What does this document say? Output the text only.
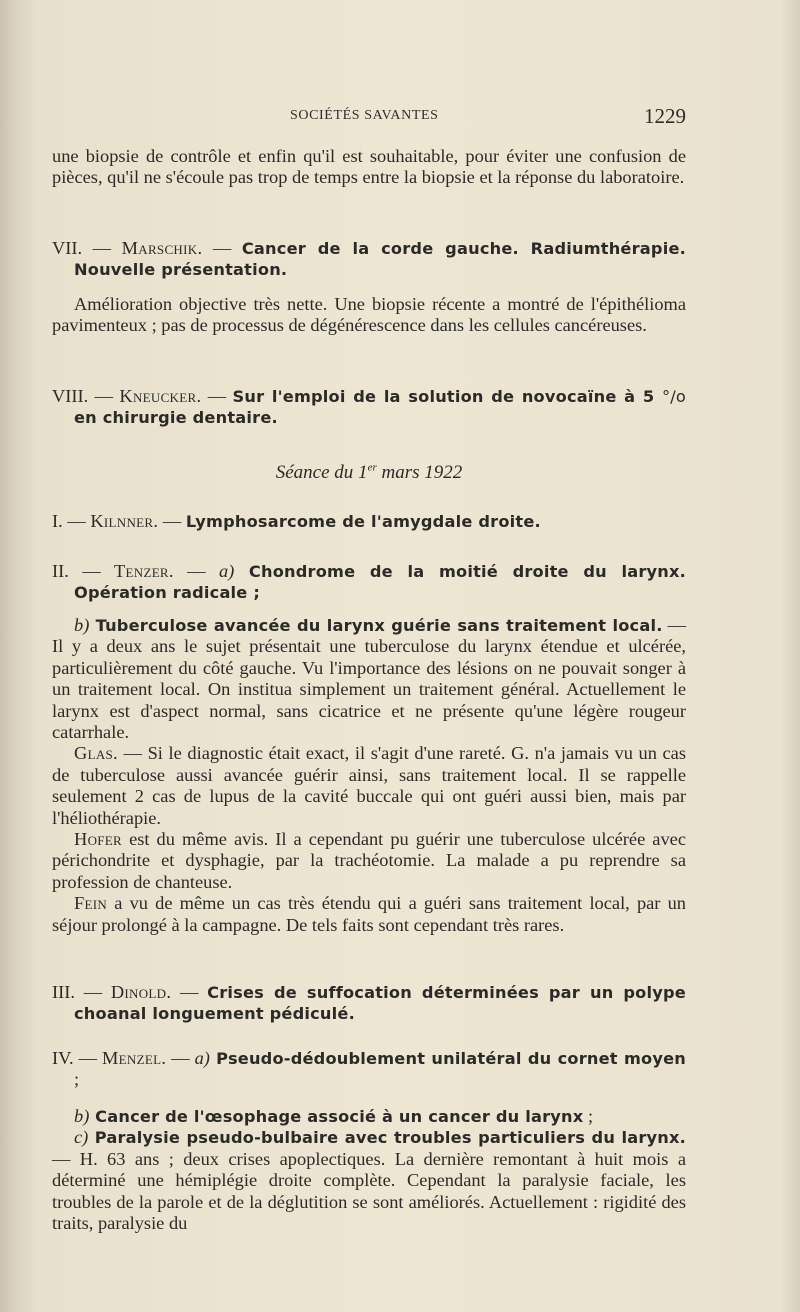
SOCIÉTÉS SAVANTES	1229

une biopsie de contrôle et enfin qu'il est souhaitable, pour éviter une confusion de pièces, qu'il ne s'écoule pas trop de temps entre la biopsie et la réponse du laboratoire.

VII. — Marschik. — Cancer de la corde gauche. Radiumthérapie. Nouvelle présentation.

Amélioration objective très nette. Une biopsie récente a montré de l'épithélioma pavimenteux ; pas de processus de dégénérescence dans les cellules cancéreuses.

VIII. — Kneucker. — Sur l'emploi de la solution de novocaïne à 5 °/o en chirurgie dentaire.

Séance du 1er mars 1922

I. — Kilnner. — Lymphosarcome de l'amygdale droite.

II. — Tenzer. — a) Chondrome de la moitié droite du larynx. Opération radicale ;

b) Tuberculose avancée du larynx guérie sans traitement local. — Il y a deux ans le sujet présentait une tuberculose du larynx étendue et ulcérée, particulièrement du côté gauche. Vu l'importance des lésions on ne pouvait songer à un traitement local. On institua simplement un traitement général. Actuellement le larynx est d'aspect normal, sans cicatrice et ne présente qu'une légère rougeur catarrhale.

Glas. — Si le diagnostic était exact, il s'agit d'une rareté. G. n'a jamais vu un cas de tuberculose aussi avancée guérir ainsi, sans traitement local. Il se rappelle seulement 2 cas de lupus de la cavité buccale qui ont guéri aussi bien, mais par l'héliothérapie.

Hofer est du même avis. Il a cependant pu guérir une tuberculose ulcérée avec périchondrite et dysphagie, par la trachéotomie. La malade a pu reprendre sa profession de chanteuse.

Fein a vu de même un cas très étendu qui a guéri sans traitement local, par un séjour prolongé à la campagne. De tels faits sont cependant très rares.

III. — Dinold. — Crises de suffocation déterminées par un polype choanal longuement pédiculé.

IV. — Menzel. — a) Pseudo-dédoublement unilatéral du cornet moyen ;

b) Cancer de l'œsophage associé à un cancer du larynx ;

c) Paralysie pseudo-bulbaire avec troubles particuliers du larynx. — H. 63 ans ; deux crises apoplectiques. La dernière remontant à huit mois a déterminé une hémiplégie droite complète. Cependant la paralysie faciale, les troubles de la parole et de la déglutition se sont améliorés. Actuellement : rigidité des traits, paralysie du
